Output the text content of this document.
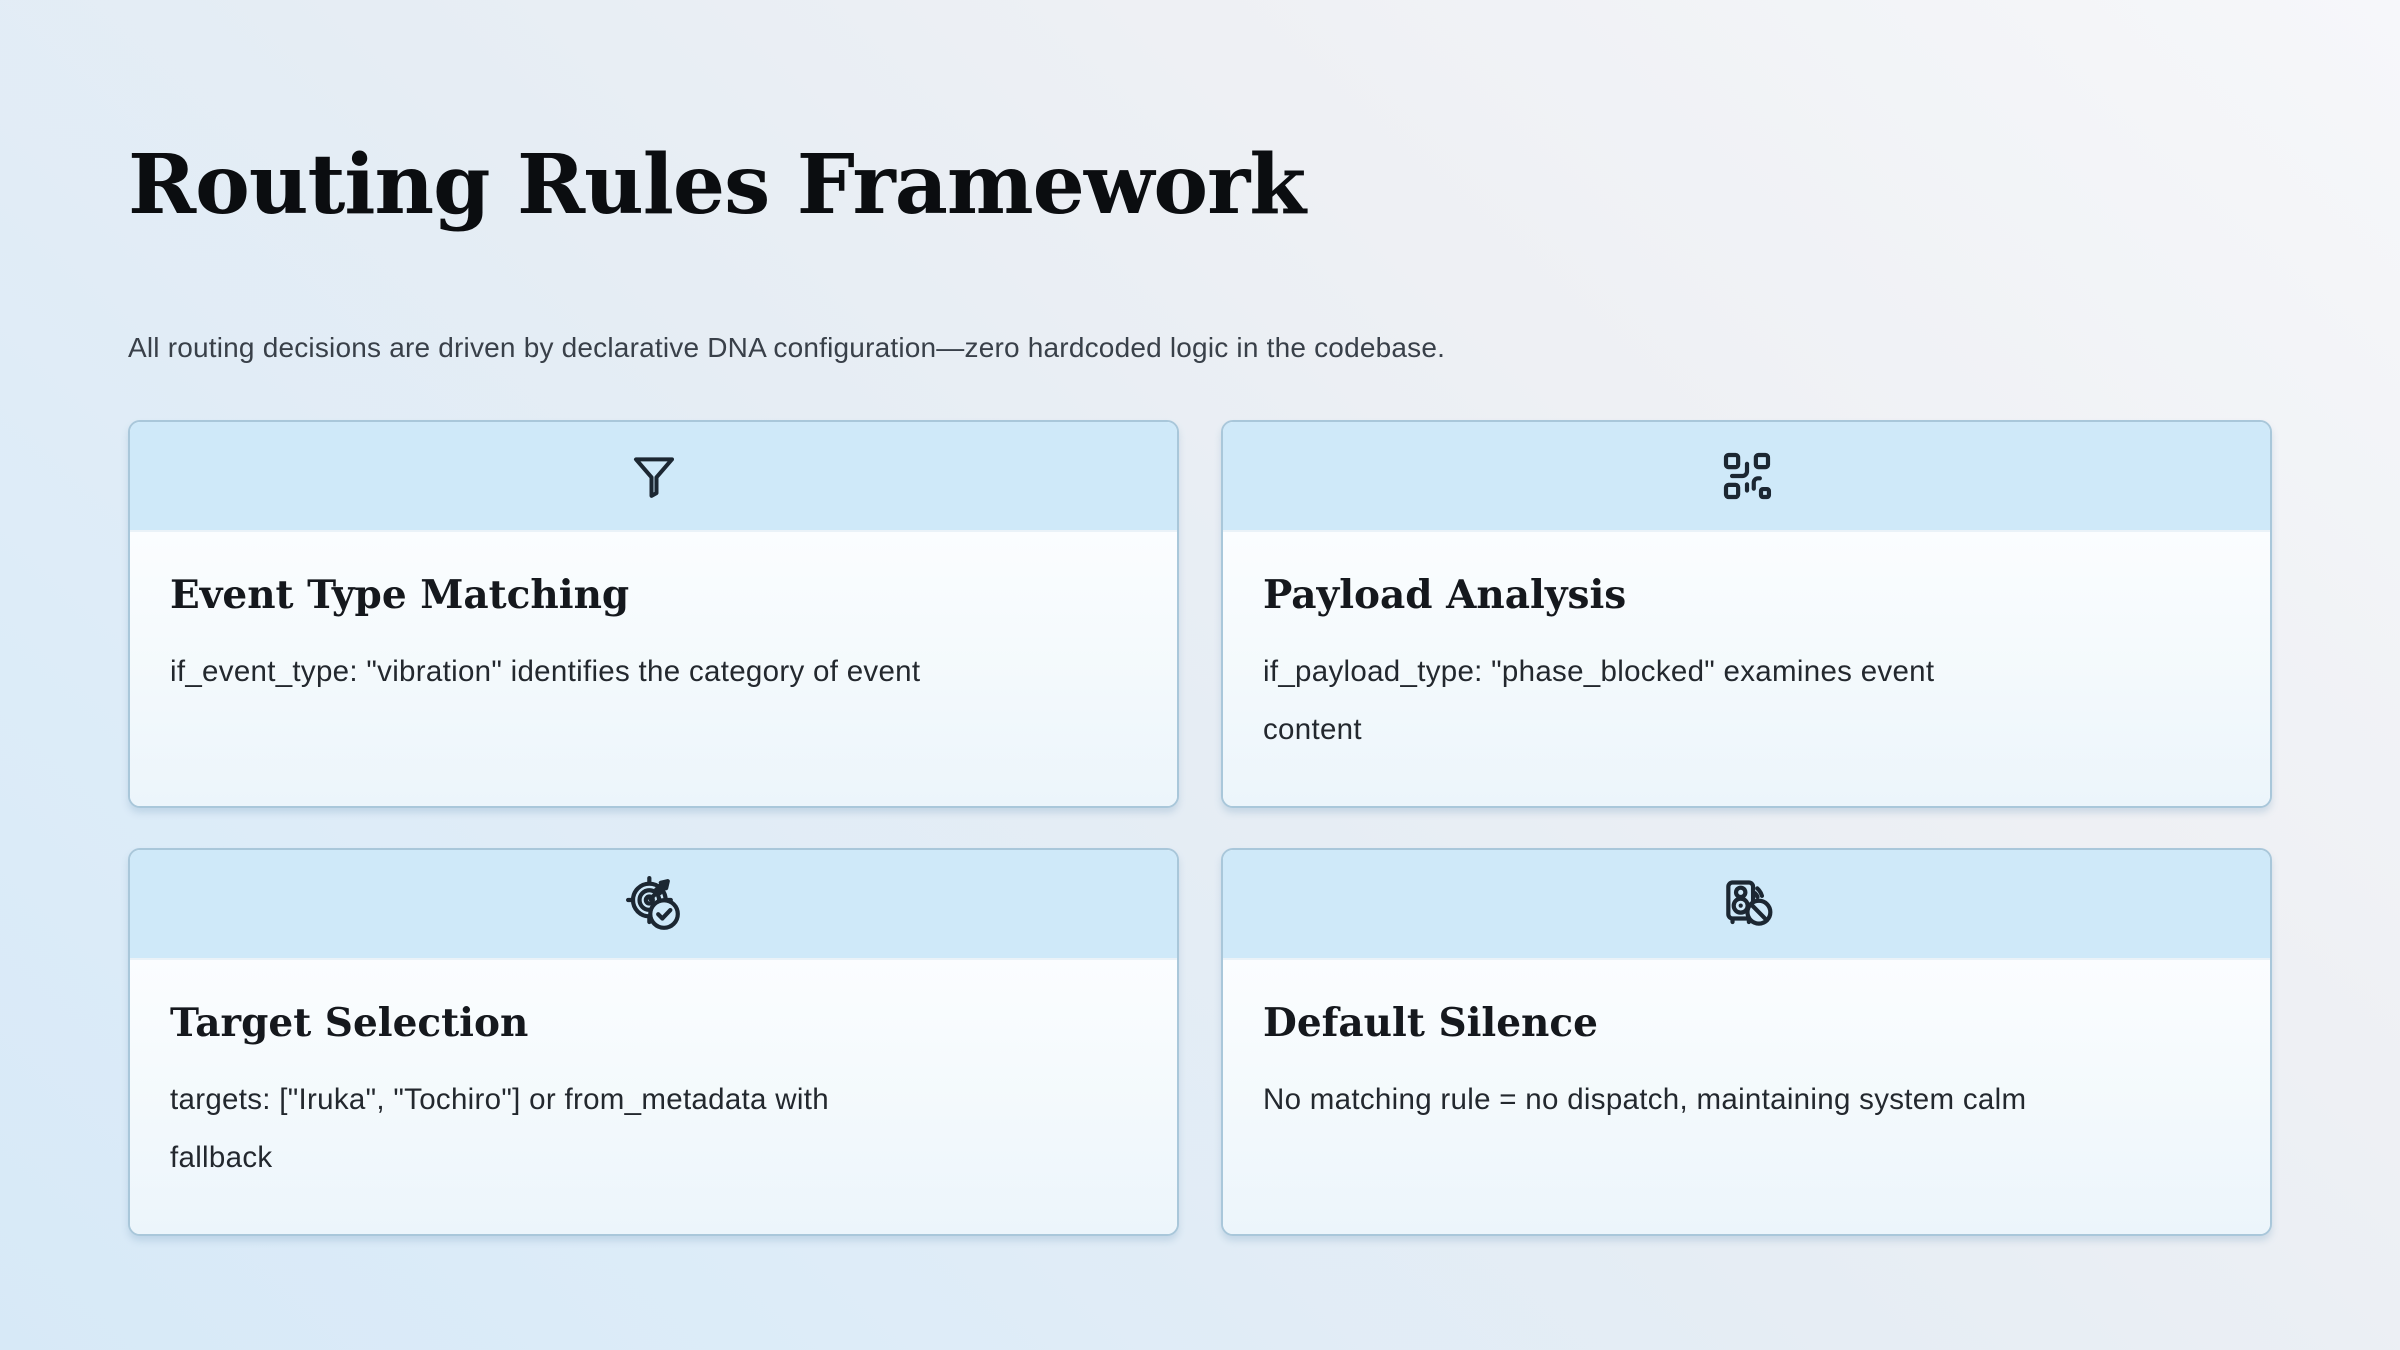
Routing Rules Framework

All routing decisions are driven by declarative DNA configuration—zero hardcoded logic in the codebase.

Event Type Matching

if_event_type: "vibration" identifies the category of event

Payload Analysis

if_payload_type: "phase_blocked" examines event
content

Target Selection

targets: ["Iruka", "Tochiro"] or from_metadata with
fallback

Default Silence

No matching rule = no dispatch, maintaining system calm
